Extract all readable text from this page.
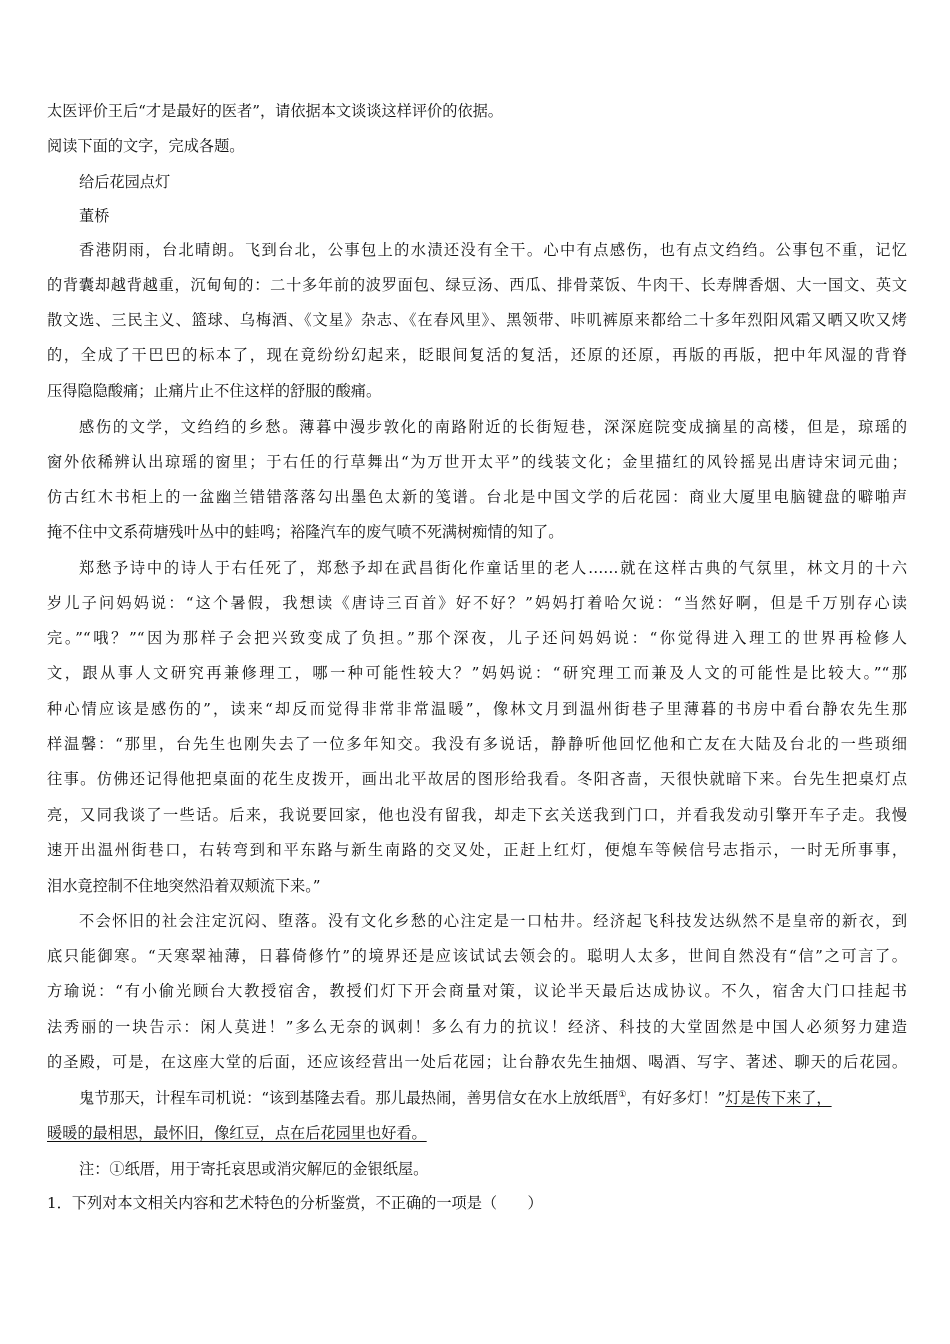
太医评价王后“才是最好的医者”，请依据本文谈谈这样评价的依据。
阅读下面的文字，完成各题。
给后花园点灯
董桥
香港阴雨，台北晴朗。飞到台北，公事包上的水渍还没有全干。心中有点感伤，也有点文绉绉。公事包不重，记忆
的背囊却越背越重，沉甸甸的：二十多年前的波罗面包、绿豆汤、西瓜、排骨菜饭、牛肉干、长寿牌香烟、大一国文、英文
散文选、三民主义、篮球、乌梅酒、《文星》杂志、《在春风里》、黑领带、咔叽裤原来都给二十多年烈阳风霜又晒又吹又烤
的，全成了干巴巴的标本了，现在竟纷纷幻起来，眨眼间复活的复活，还原的还原，再版的再版，把中年风湿的背脊
压得隐隐酸痛；止痛片止不住这样的舒服的酸痛。
感伤的文学，文绉绉的乡愁。薄暮中漫步敦化的南路附近的长街短巷，深深庭院变成摘星的高楼，但是，琼瑶的
窗外依稀辨认出琼瑶的窗里；于右任的行草舞出“为万世开太平”的线装文化；金里描红的风铃摇晃出唐诗宋词元曲；
仿古红木书柜上的一盆幽兰错错落落勾出墨色太新的笺谱。台北是中国文学的后花园：商业大厦里电脑键盘的噼啪声
掩不住中文系荷塘残叶丛中的蛙鸣；裕隆汽车的废气喷不死满树痴情的知了。
郑愁予诗中的诗人于右任死了，郑愁予却在武昌街化作童话里的老人……就在这样古典的气氛里，林文月的十六
岁儿子问妈妈说：“这个暑假，我想读《唐诗三百首》好不好？”妈妈打着哈欠说：“当然好啊，但是千万别存心读
完。”“哦？”“因为那样子会把兴致变成了负担。”那个深夜，儿子还问妈妈说：“你觉得进入理工的世界再检修人
文，跟从事人文研究再兼修理工，哪一种可能性较大？”妈妈说：“研究理工而兼及人文的可能性是比较大。”“那
种心情应该是感伤的”，读来“却反而觉得非常非常温暖”，像林文月到温州街巷子里薄暮的书房中看台静农先生那
样温馨：“那里，台先生也刚失去了一位多年知交。我没有多说话，静静听他回忆他和亡友在大陆及台北的一些琐细
往事。仿佛还记得他把桌面的花生皮拨开，画出北平故居的图形给我看。冬阳吝啬，天很快就暗下来。台先生把桌灯点
亮，又同我谈了一些话。后来，我说要回家，他也没有留我，却走下玄关送我到门口，并看我发动引擎开车子走。我慢
速开出温州街巷口，右转弯到和平东路与新生南路的交叉处，正赶上红灯，便熄车等候信号志指示，一时无所事事，
泪水竟控制不住地突然沿着双颊流下来。”
不会怀旧的社会注定沉闷、堕落。没有文化乡愁的心注定是一口枯井。经济起飞科技发达纵然不是皇帝的新衣，到
底只能御寒。“天寒翠袖薄，日暮倚修竹”的境界还是应该试试去领会的。聪明人太多，世间自然没有“信”之可言了。
方瑜说：“有小偷光顾台大教授宿舍，教授们灯下开会商量对策，议论半天最后达成协议。不久，宿舍大门口挂起书
法秀丽的一块告示：闲人莫进！”多么无奈的讽刺！多么有力的抗议！经济、科技的大堂固然是中国人必须努力建造
的圣殿，可是，在这座大堂的后面，还应该经营出一处后花园；让台静农先生抽烟、喝酒、写字、著述、聊天的后花园。
鬼节那天，计程车司机说：“该到基隆去看。那儿最热闹，善男信女在水上放纸厝①，有好多灯！”灯是传下来了，
暖暖的最相思，最怀旧，像红豆，点在后花园里也好看。
注：①纸厝，用于寄托哀思或消灾解厄的金银纸屋。
1．下列对本文相关内容和艺术特色的分析鉴赏，不正确的一项是（　　）
